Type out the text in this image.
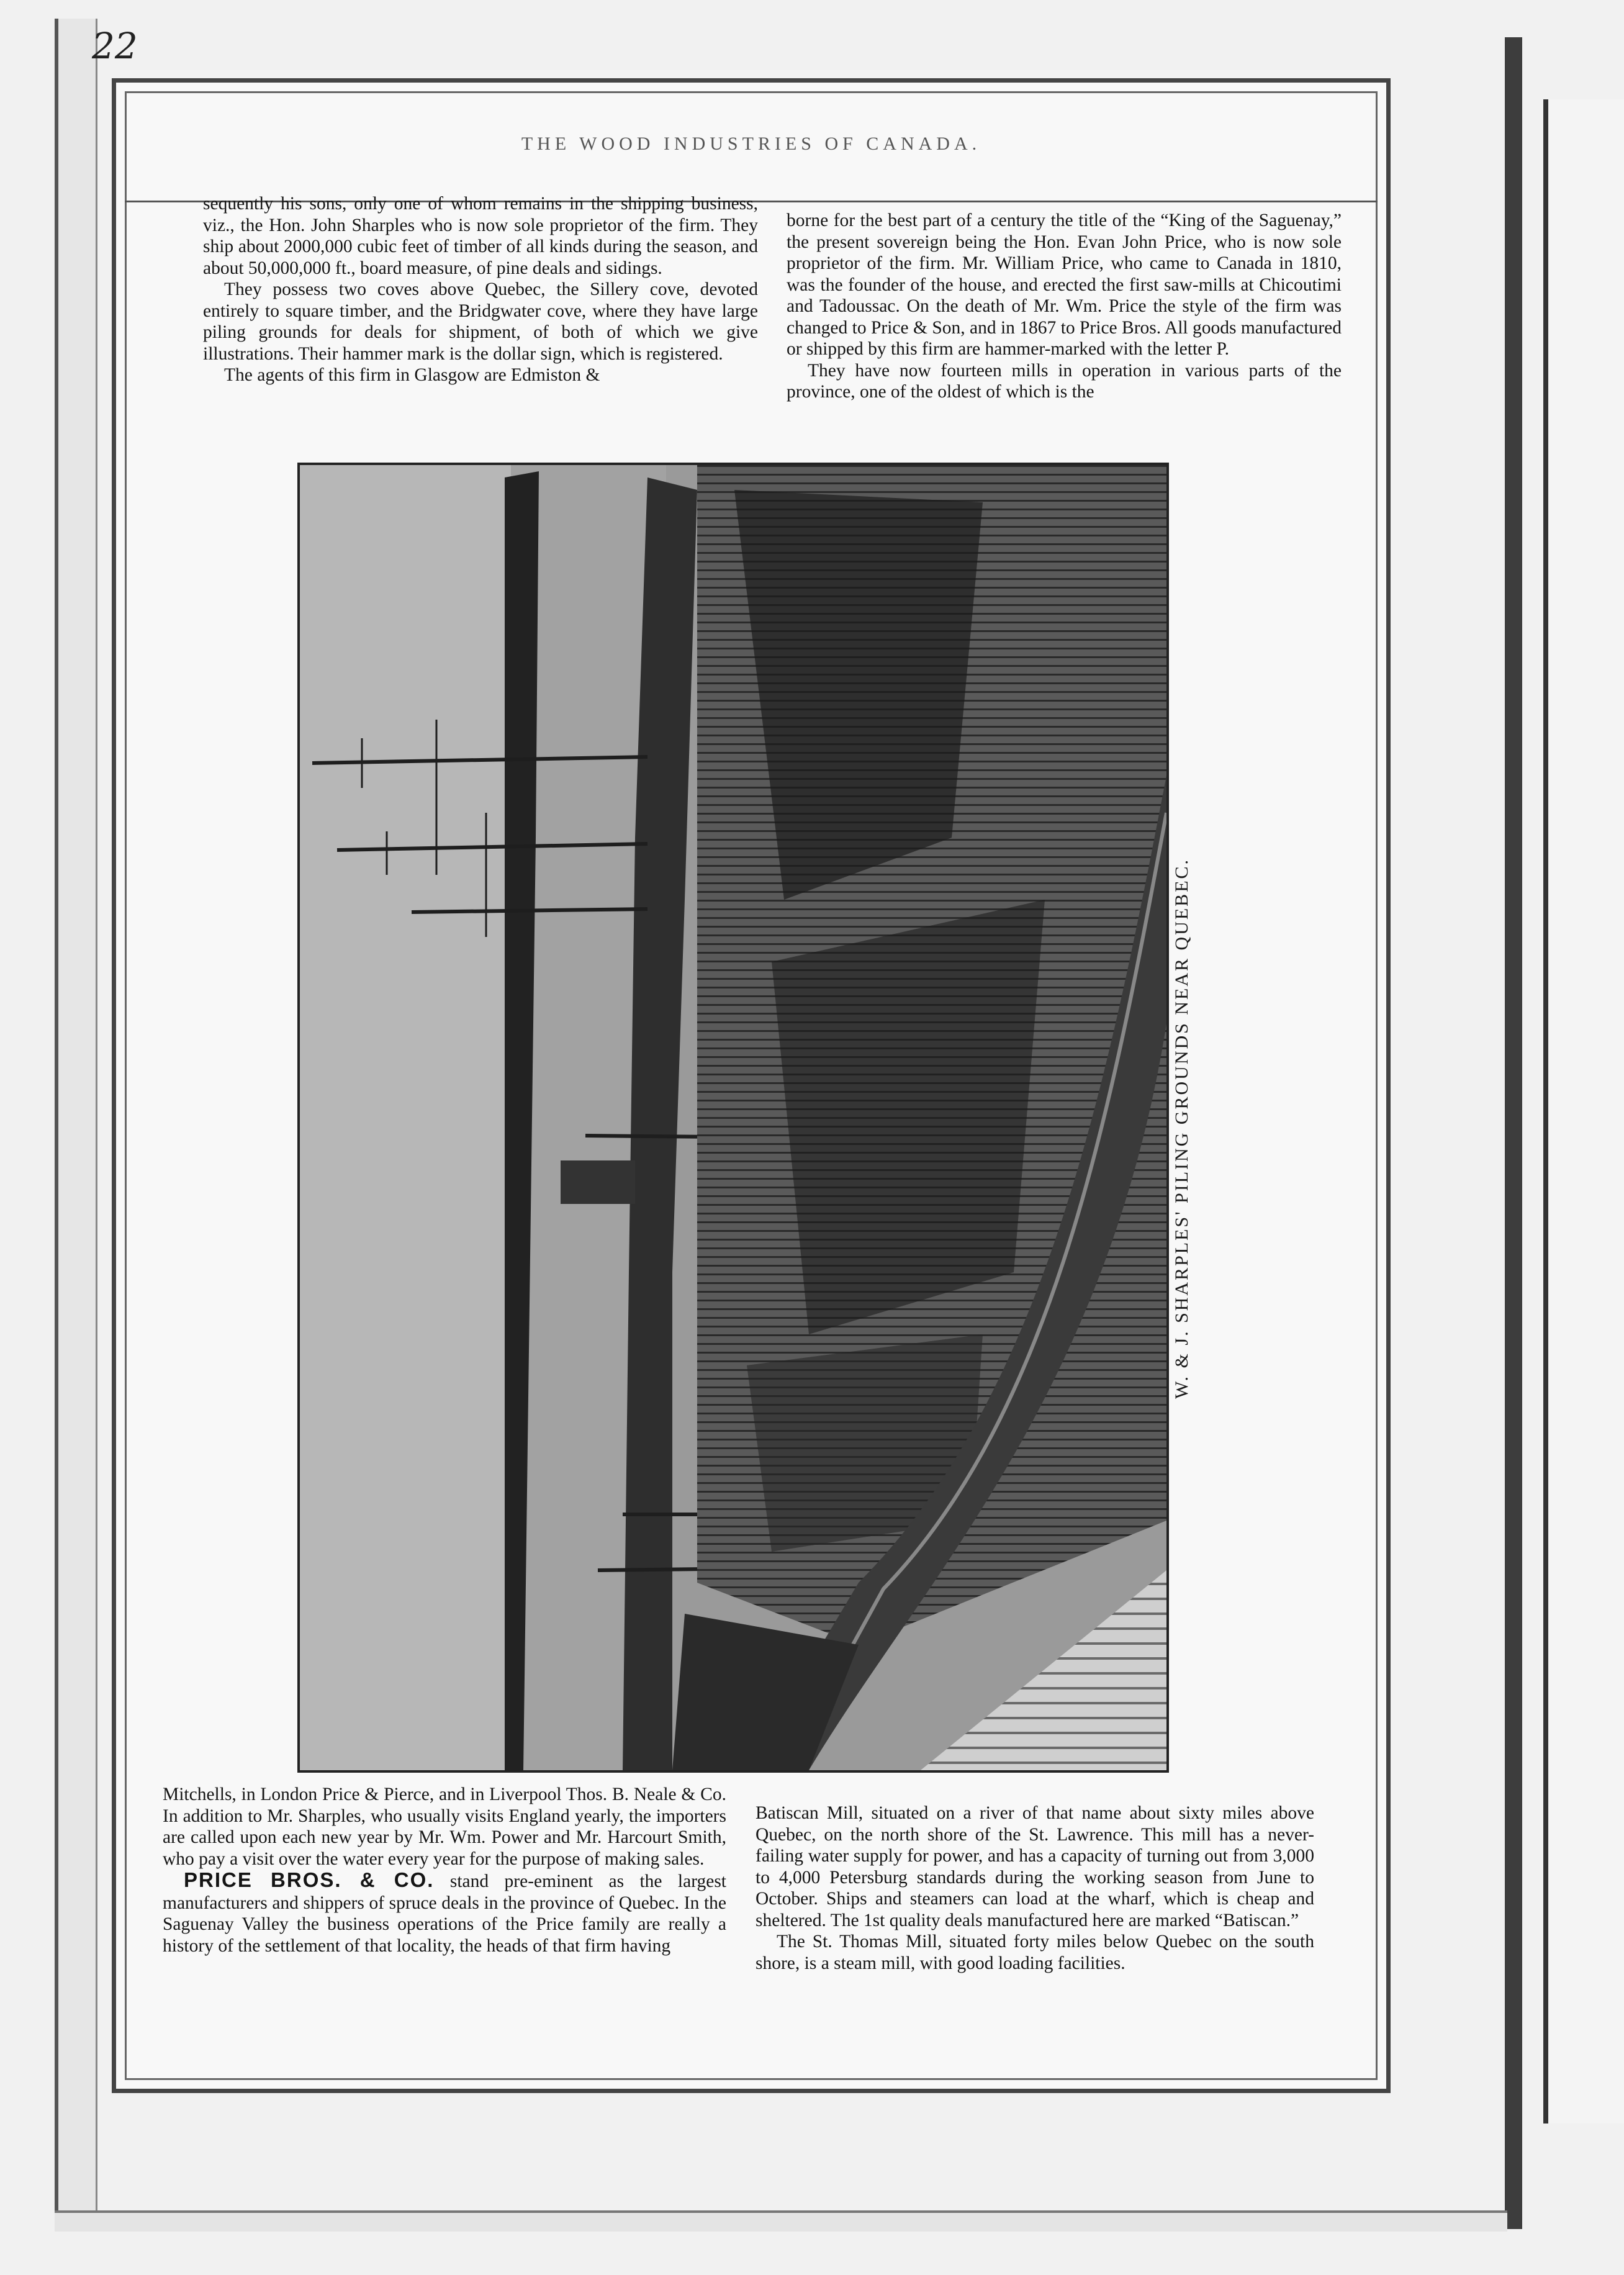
22
THE WOOD INDUSTRIES OF CANADA.

sequently his sons, only one of whom remains in the shipping business, viz., the Hon. John Sharples who is now sole proprietor of the firm. They ship about 2000,000 cubic feet of timber of all kinds during the season, and about 50,000,000 ft., board measure, of pine deals and sidings.

They possess two coves above Quebec, the Sillery cove, devoted entirely to square timber, and the Bridgwater cove, where they have large piling grounds for deals for shipment, of both of which we give illustrations. Their hammer mark is the dollar sign, which is registered.

The agents of this firm in Glasgow are Edmiston &

borne for the best part of a century the title of the “King of the Saguenay,” the present sovereign being the Hon. Evan John Price, who is now sole proprietor of the firm. Mr. William Price, who came to Canada in 1810, was the founder of the house, and erected the first saw-mills at Chicoutimi and Tadoussac. On the death of Mr. Wm. Price the style of the firm was changed to Price & Son, and in 1867 to Price Bros. All goods manufactured or shipped by this firm are hammer-marked with the letter P.

They have now fourteen mills in operation in various parts of the province, one of the oldest of which is the

W. & J. SHARPLES' PILING GROUNDS NEAR QUEBEC.

Mitchells, in London Price & Pierce, and in Liverpool Thos. B. Neale & Co. In addition to Mr. Sharples, who usually visits England yearly, the importers are called upon each new year by Mr. Wm. Power and Mr. Harcourt Smith, who pay a visit over the water every year for the purpose of making sales.

PRICE BROS. & CO. stand pre-eminent as the largest manufacturers and shippers of spruce deals in the province of Quebec. In the Saguenay Valley the business operations of the Price family are really a history of the settlement of that locality, the heads of that firm having

Batiscan Mill, situated on a river of that name about sixty miles above Quebec, on the north shore of the St. Lawrence. This mill has a never-failing water supply for power, and has a capacity of turning out from 3,000 to 4,000 Petersburg standards during the working season from June to October. Ships and steamers can load at the wharf, which is cheap and sheltered. The 1st quality deals manufactured here are marked “Batiscan.”

The St. Thomas Mill, situated forty miles below Quebec on the south shore, is a steam mill, with good loading facilities.
